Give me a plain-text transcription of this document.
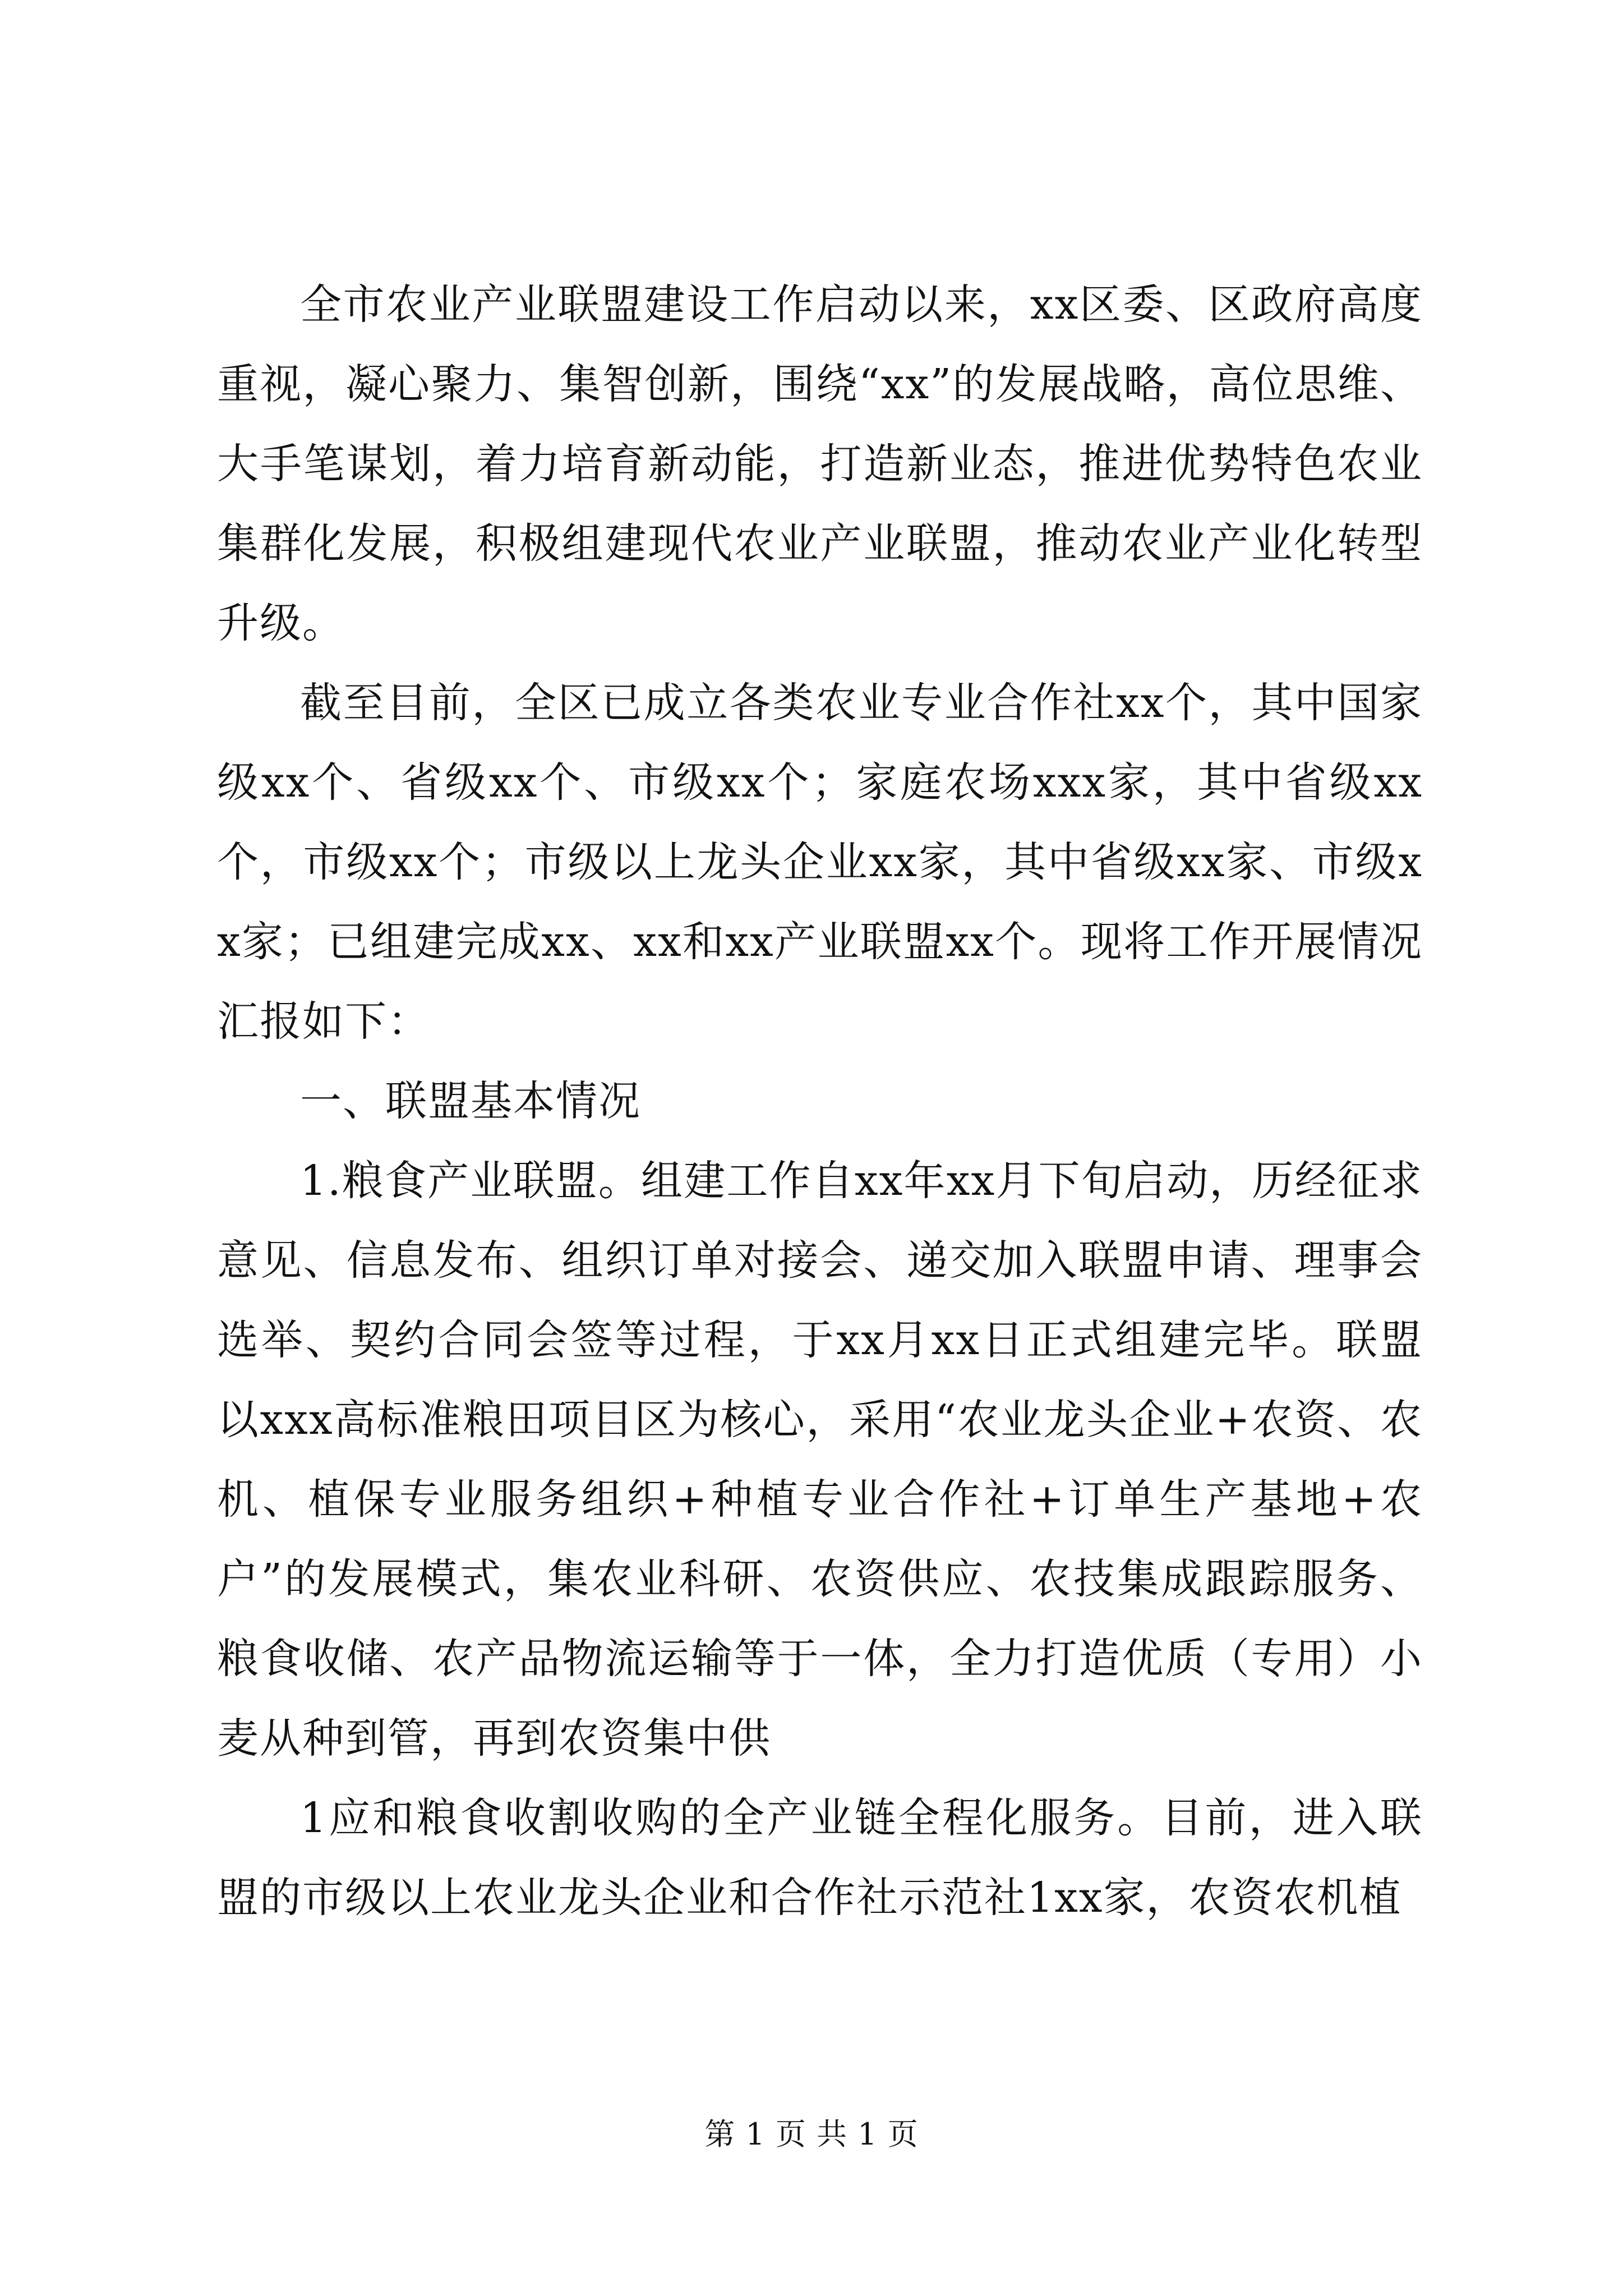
全市农业产业联盟建设工作启动以来，xx区委、区政府高度重视，凝心聚力、集智创新，围绕“xx”的发展战略，高位思维、大手笔谋划，着力培育新动能，打造新业态，推进优势特色农业集群化发展，积极组建现代农业产业联盟，推动农业产业化转型升级。

截至目前，全区已成立各类农业专业合作社xx个，其中国家级xx个、省级xx个、市级xx个；家庭农场xxx家，其中省级xx个，市级xx个；市级以上龙头企业xx家，其中省级xx家、市级xx家；已组建完成xx、xx和xx产业联盟xx个。现将工作开展情况汇报如下：

一、联盟基本情况

1.粮食产业联盟。组建工作自xx年xx月下旬启动，历经征求意见、信息发布、组织订单对接会、递交加入联盟申请、理事会选举、契约合同会签等过程，于xx月xx日正式组建完毕。联盟以xxx高标准粮田项目区为核心，采用“农业龙头企业+农资、农机、植保专业服务组织+种植专业合作社+订单生产基地+农户”的发展模式，集农业科研、农资供应、农技集成跟踪服务、粮食收储、农产品物流运输等于一体，全力打造优质（专用）小麦从种到管，再到农资集中供

1应和粮食收割收购的全产业链全程化服务。目前，进入联盟的市级以上农业龙头企业和合作社示范社1xx家，农资农机植

第 1 页 共 1 页
